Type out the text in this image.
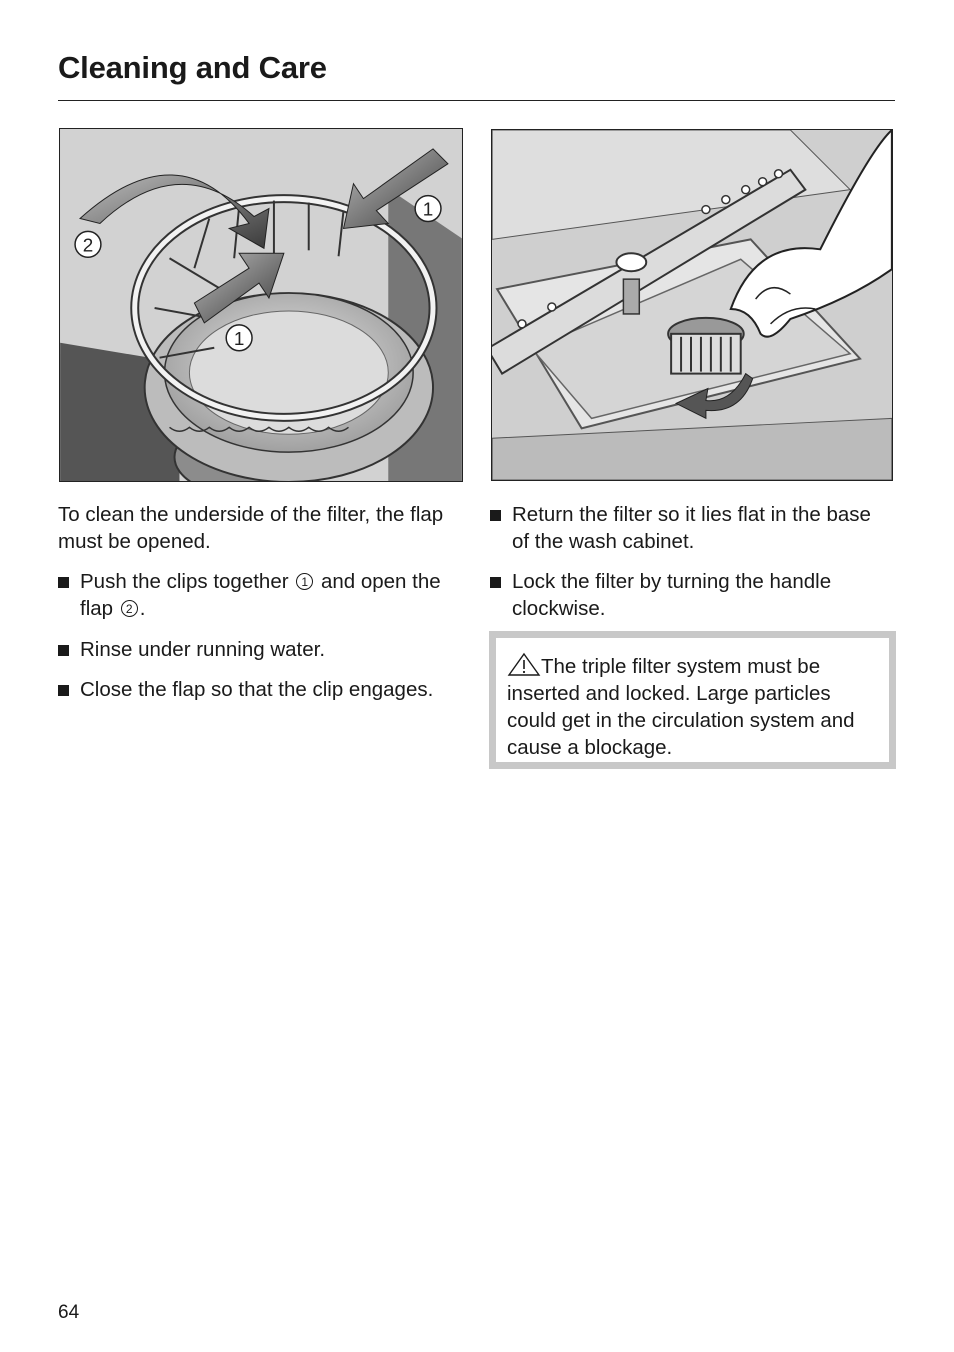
Cleaning and Care
1
2
1
To clean the underside of the filter, the flap must be opened.
Push the clips together 1 and open the flap 2 .
Rinse under running water.
Close the flap so that the clip engages.
Return the filter so it lies flat in the base of the wash cabinet.
Lock the filter by turning the handle clockwise.
The triple filter system must be inserted and locked. Large particles could get in the circulation system and cause a blockage.
64
